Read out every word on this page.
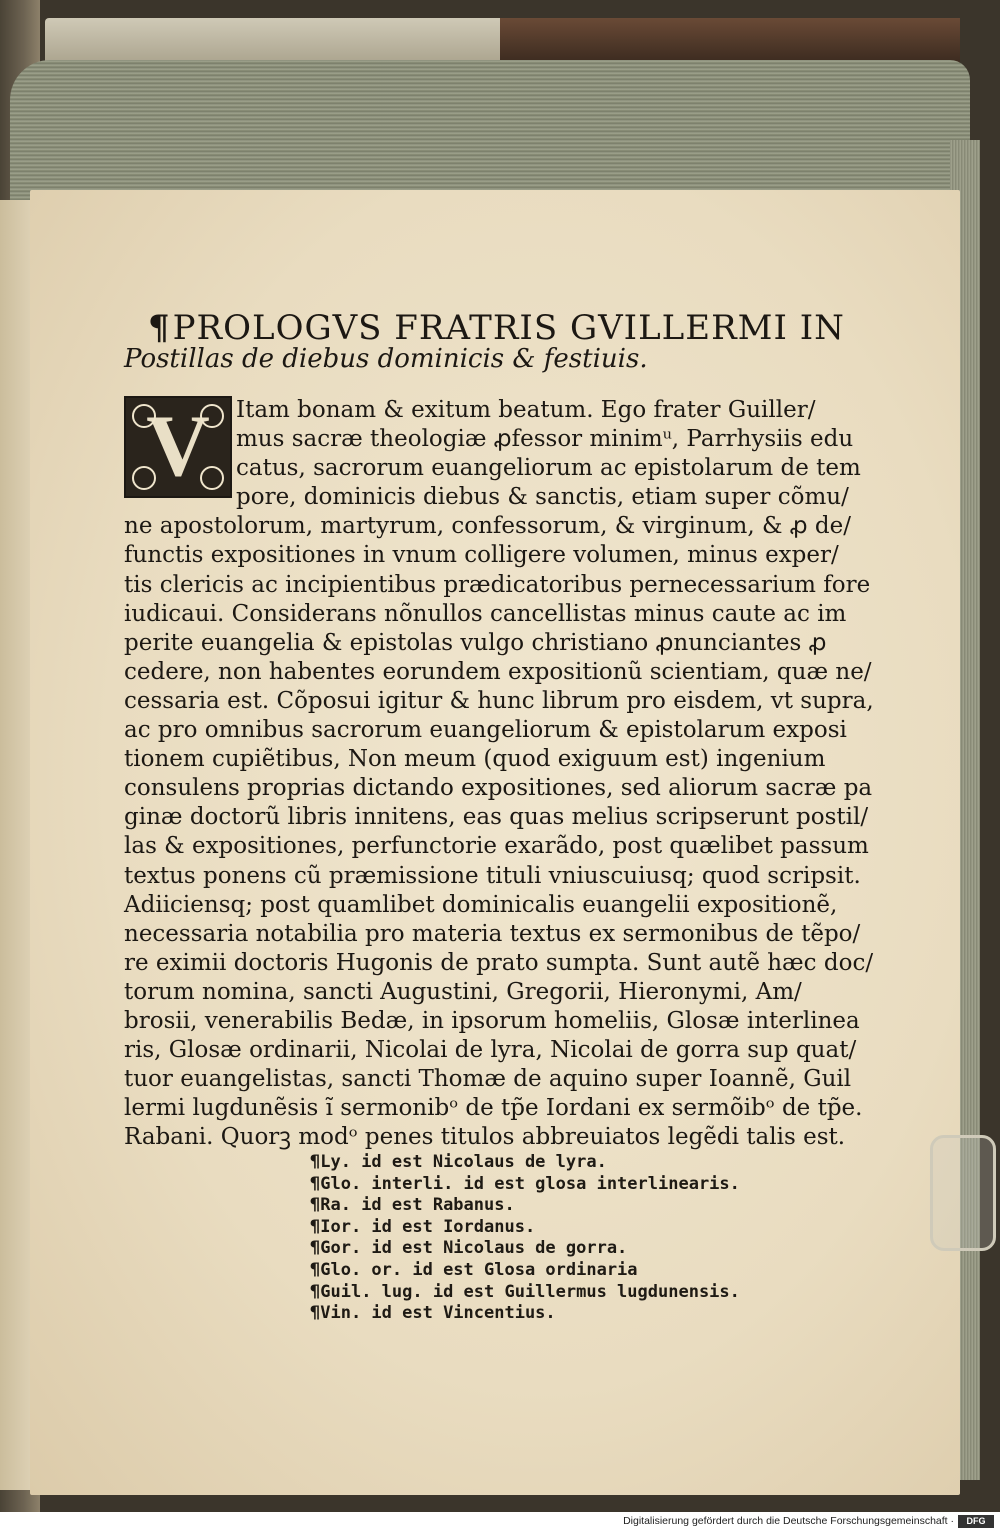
¶PROLOGVS FRATRIS GVILLERMI IN
Postillas de diebus dominicis & festiuis.
V	Itam bonam & exitum beatum. Ego frater Guiller/
mus sacræ theologiæ ꝓfessor minimᵘ, Parrhysiis edu
catus, sacrorum euangeliorum ac epistolarum de tem
pore, dominicis diebus & sanctis, etiam super cõmu/
ne apostolorum, martyrum, confessorum, & virginum, & ꝓ de/
functis expositiones in vnum colligere volumen, minus exper/
tis clericis ac incipientibus prædicatoribus pernecessarium fore
iudicaui. Considerans nõnullos cancellistas minus caute ac im
perite euangelia & epistolas vulgo christiano ꝓnunciantes ꝓ
cedere, non habentes eorundem expositionũ scientiam, quæ ne/
cessaria est. Cõposui igitur & hunc librum pro eisdem, vt supra,
ac pro omnibus sacrorum euangeliorum & epistolarum exposi
tionem cupiẽtibus, Non meum (quod exiguum est) ingenium
consulens proprias dictando expositiones, sed aliorum sacræ pa
ginæ doctorũ libris innitens, eas quas melius scripserunt postil/
las & expositiones, perfunctorie exarãdo, post quælibet passum
textus ponens cũ præmissione tituli vniuscuiusq; quod scripsit.
Adiiciensq; post quamlibet dominicalis euangelii expositionẽ,
necessaria notabilia pro materia textus ex sermonibus de tẽpo/
re eximii doctoris Hugonis de prato sumpta. Sunt autẽ hæc doc/
torum nomina, sancti Augustini, Gregorii, Hieronymi, Am/
brosii, venerabilis Bedæ, in ipsorum homeliis, Glosæ interlinea
ris, Glosæ ordinarii, Nicolai de lyra, Nicolai de gorra sup quat/
tuor euangelistas, sancti Thomæ de aquino super Ioannẽ, Guil
lermi lugdunẽsis ĩ sermonibᵒ de tp̃e Iordani ex sermõibᵒ de tp̃e.
Rabani. Quorꝫ modᵒ penes titulos abbreuiatos legẽdi talis est.
¶Ly. id est Nicolaus de lyra.
¶Glo. interli. id est glosa interlinearis.
¶Ra. id est Rabanus.
¶Ior. id est Iordanus.
¶Gor. id est Nicolaus de gorra.
¶Glo. or. id est Glosa ordinaria
¶Guil. lug. id est Guillermus lugdunensis.
¶Vin. id est Vincentius.
Digitalisierung gefördert durch die Deutsche Forschungsgemeinschaft ·	DFG
